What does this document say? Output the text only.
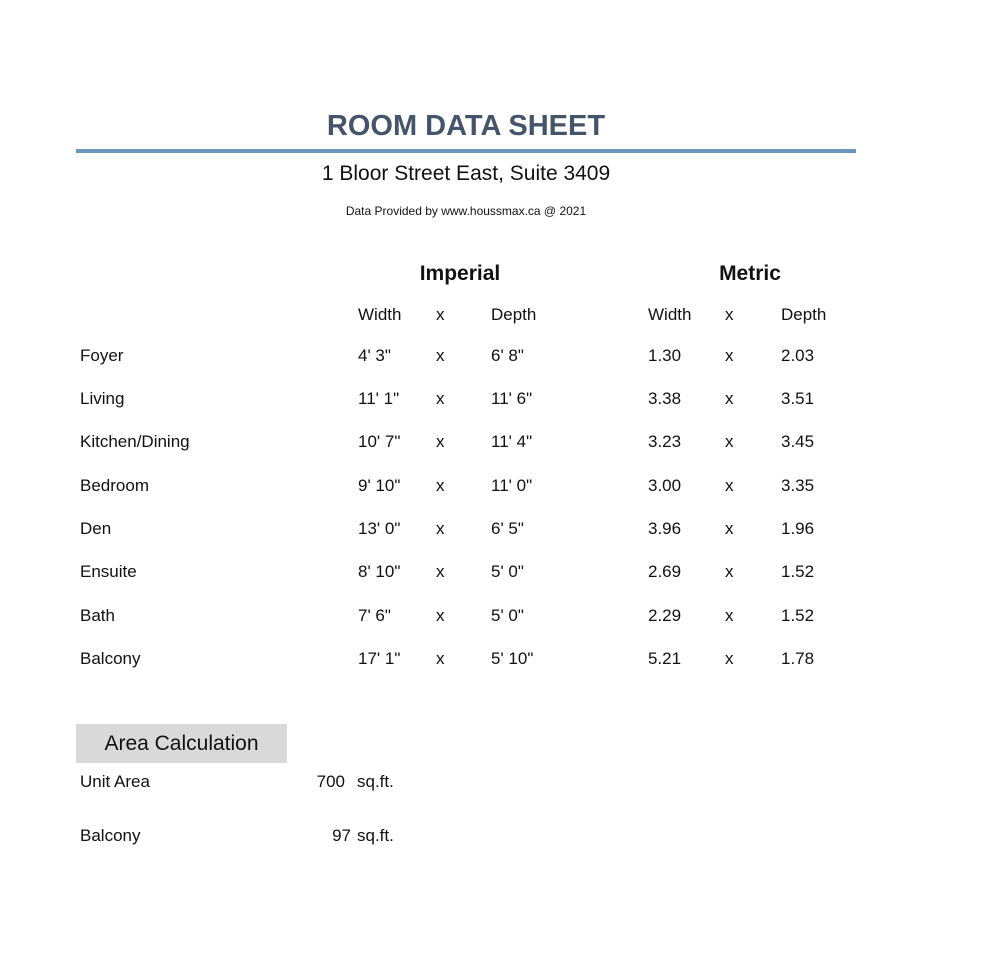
ROOM DATA SHEET
1 Bloor Street East, Suite 3409
Data Provided by www.houssmax.ca @ 2021
Imperial	Metric
Width x	Depth	Width x	Depth
Foyer	4' 3"	x	6' 8"	1.30	x	2.03
Living	11' 1" x	11' 6"	3.38	x	3.51
Kitchen/Dining	10' 7" x	11' 4"	3.23	x	3.45
Bedroom	9' 10" x	11' 0"	3.00	x	3.35
Den	13' 0" x	6' 5"	3.96	x	1.96
Ensuite	8' 10" x	5' 0"	2.69	x	1.52
Bath	7' 6"	x	5' 0"	2.29	x	1.52
Balcony	17' 1" x	5' 10"	5.21	x	1.78
Area Calculation
Unit Area	700 sq.ft.
Balcony	97 sq.ft.
